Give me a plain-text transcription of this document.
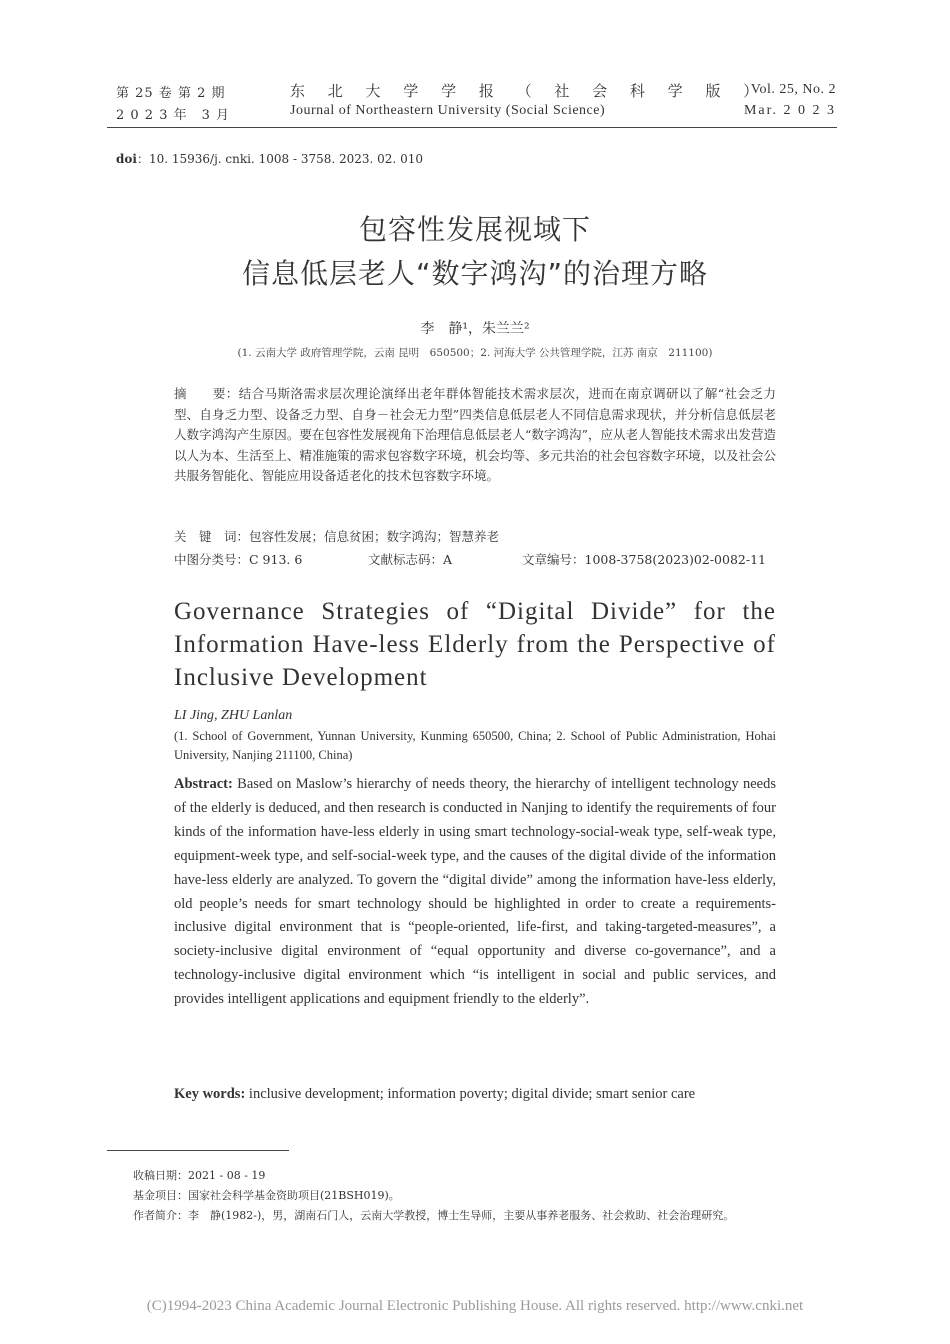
第 25 卷 第 2 期
2 0 2 3 年　3 月
东 北 大 学 学 报 （ 社 会 科 学 版 ）
Journal of Northeastern University (Social Science)
Vol. 25, No. 2
Mar. 2 0 2 3
doi：10. 15936/j. cnki. 1008 - 3758. 2023. 02. 010
包容性发展视域下
信息低层老人“数字鸿沟”的治理方略
李　静¹，朱兰兰²
(1. 云南大学 政府管理学院，云南 昆明　650500；2. 河海大学 公共管理学院，江苏 南京　211100)
摘　　要：结合马斯洛需求层次理论演绎出老年群体智能技术需求层次，进而在南京调研以了解“社会乏力型、自身乏力型、设备乏力型、自身－社会无力型”四类信息低层老人不同信息需求现状，并分析信息低层老人数字鸿沟产生原因。要在包容性发展视角下治理信息低层老人“数字鸿沟”，应从老人智能技术需求出发营造以人为本、生活至上、精准施策的需求包容数字环境，机会均等、多元共治的社会包容数字环境，以及社会公共服务智能化、智能应用设备适老化的技术包容数字环境。
关　键　词：包容性发展；信息贫困；数字鸿沟；智慧养老
中图分类号：C 913. 6	文献标志码：A	文章编号：1008-3758(2023)02-0082-11
Governance Strategies of “Digital Divide” for the Information Have-less Elderly from the Perspective of Inclusive Development
LI Jing, ZHU Lanlan
(1. School of Government, Yunnan University, Kunming 650500, China; 2. School of Public Administration, Hohai University, Nanjing 211100, China)
Abstract: Based on Maslow’s hierarchy of needs theory, the hierarchy of intelligent technology needs of the elderly is deduced, and then research is conducted in Nanjing to identify the requirements of four kinds of the information have-less elderly in using smart technology-social-weak type, self-weak type, equipment-week type, and self-social-week type, and the causes of the digital divide of the information have-less elderly are analyzed. To govern the “digital divide” among the information have-less elderly, old people’s needs for smart technology should be highlighted in order to create a requirements-inclusive digital environment that is “people-oriented, life-first, and taking-targeted-measures”, a society-inclusive digital environment of “equal opportunity and diverse co-governance”, and a technology-inclusive digital environment which “is intelligent in social and public services, and provides intelligent applications and equipment friendly to the elderly”.
Key words: inclusive development; information poverty; digital divide; smart senior care
收稿日期：2021 - 08 - 19
基金项目：国家社会科学基金资助项目(21BSH019)。
作者简介：李　静(1982-)，男，湖南石门人，云南大学教授，博士生导师，主要从事养老服务、社会救助、社会治理研究。
(C)1994-2023 China Academic Journal Electronic Publishing House. All rights reserved. http://www.cnki.net
